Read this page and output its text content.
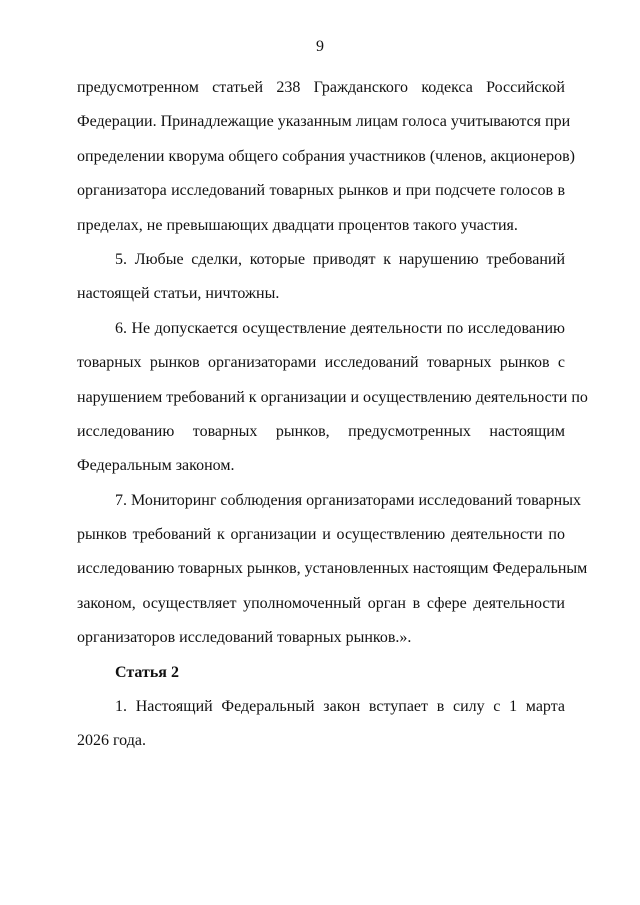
9
предусмотренном статьей 238 Гражданского кодекса Российской
Федерации. Принадлежащие указанным лицам голоса учитываются при
определении кворума общего собрания участников (членов, акционеров)
организатора исследований товарных рынков и при подсчете голосов в
пределах, не превышающих двадцати процентов такого участия.
5. Любые сделки, которые приводят к нарушению требований
настоящей статьи, ничтожны.
6. Не допускается осуществление деятельности по исследованию
товарных рынков организаторами исследований товарных рынков с
нарушением требований к организации и осуществлению деятельности по
исследованию товарных рынков, предусмотренных настоящим
Федеральным законом.
7. Мониторинг соблюдения организаторами исследований товарных
рынков требований к организации и осуществлению деятельности по
исследованию товарных рынков, установленных настоящим Федеральным
законом, осуществляет уполномоченный орган в сфере деятельности
организаторов исследований товарных рынков.».
Статья 2
1. Настоящий Федеральный закон вступает в силу с 1 марта
2026 года.
